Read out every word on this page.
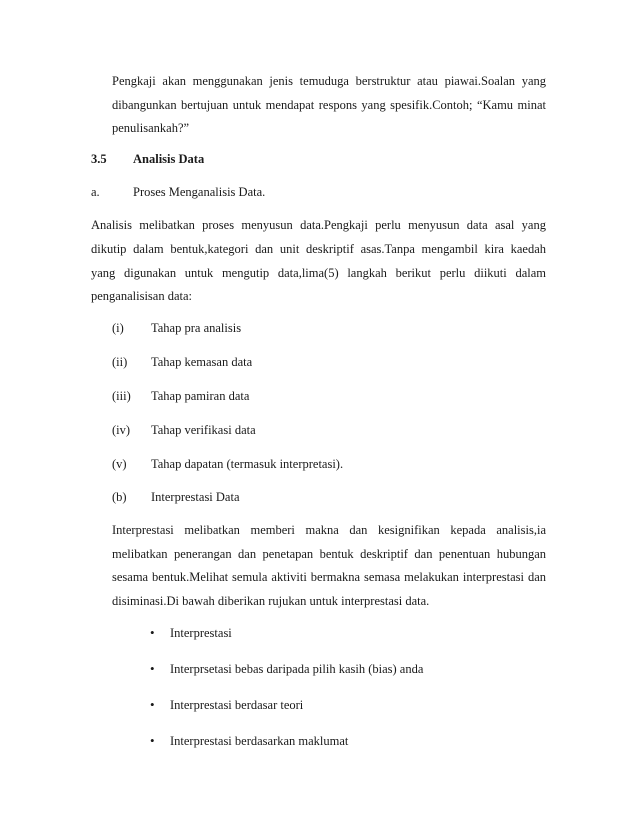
Pengkaji akan menggunakan jenis temuduga berstruktur atau piawai.Soalan yang
dibangunkan bertujuan untuk mendapat respons yang spesifik.Contoh; “Kamu minat
penulisankah?”
3.5 Analisis Data
a.	Proses Menganalisis Data.
Analisis melibatkan proses menyusun data.Pengkaji perlu menyusun data asal yang
dikutip dalam bentuk,kategori dan unit deskriptif asas.Tanpa mengambil kira kaedah
yang digunakan untuk mengutip data,lima(5) langkah berikut perlu diikuti dalam
penganalisisan data:
(i) Tahap pra analisis
(ii) Tahap kemasan data
(iii) Tahap pamiran data
(iv) Tahap verifikasi data
(v) Tahap dapatan (termasuk interpretasi).
(b) Interprestasi Data
Interprestasi melibatkan memberi makna dan kesignifikan kepada analisis,ia
melibatkan penerangan dan penetapan bentuk deskriptif dan penentuan hubungan
sesama bentuk.Melihat semula aktiviti bermakna semasa melakukan interprestasi dan
disiminasi.Di bawah diberikan rujukan untuk interprestasi data.
• Interprestasi
• Interprsetasi bebas daripada pilih kasih (bias) anda
• Interprestasi berdasar teori
• Interprestasi berdasarkan maklumat
